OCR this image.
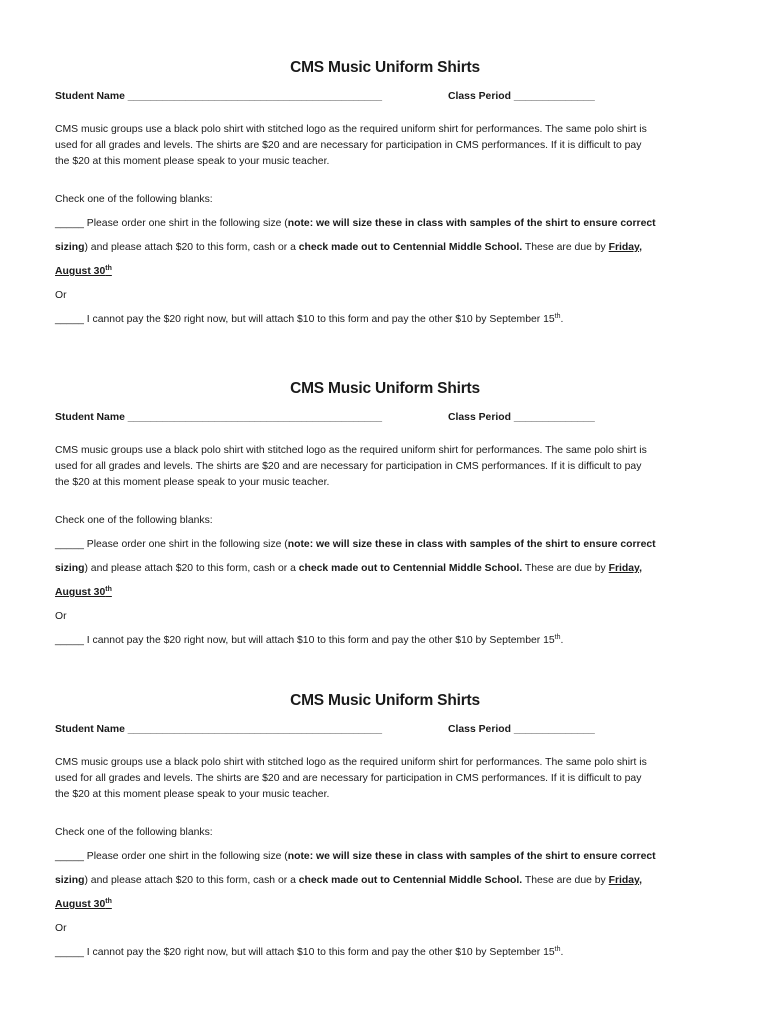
CMS Music Uniform Shirts
Student Name ____________________________________________	Class Period ______________
CMS music groups use a black polo shirt with stitched logo as the required uniform shirt for performances. The same polo shirt is
used for all grades and levels. The shirts are $20 and are necessary for participation in CMS performances. If it is difficult to pay
the $20 at this moment please speak to your music teacher.
Check one of the following blanks:
_____ Please order one shirt in the following size (note: we will size these in class with samples of the shirt to ensure correct
sizing) and please attach $20 to this form, cash or a check made out to Centennial Middle School. These are due by Friday,
August 30th
Or
_____ I cannot pay the $20 right now, but will attach $10 to this form and pay the other $10 by September 15th.
CMS Music Uniform Shirts
Student Name ____________________________________________	Class Period ______________
CMS music groups use a black polo shirt with stitched logo as the required uniform shirt for performances. The same polo shirt is
used for all grades and levels. The shirts are $20 and are necessary for participation in CMS performances. If it is difficult to pay
the $20 at this moment please speak to your music teacher.
Check one of the following blanks:
_____ Please order one shirt in the following size (note: we will size these in class with samples of the shirt to ensure correct
sizing) and please attach $20 to this form, cash or a check made out to Centennial Middle School. These are due by Friday,
August 30th
Or
_____ I cannot pay the $20 right now, but will attach $10 to this form and pay the other $10 by September 15th.
CMS Music Uniform Shirts
Student Name ____________________________________________	Class Period ______________
CMS music groups use a black polo shirt with stitched logo as the required uniform shirt for performances. The same polo shirt is
used for all grades and levels. The shirts are $20 and are necessary for participation in CMS performances. If it is difficult to pay
the $20 at this moment please speak to your music teacher.
Check one of the following blanks:
_____ Please order one shirt in the following size (note: we will size these in class with samples of the shirt to ensure correct
sizing) and please attach $20 to this form, cash or a check made out to Centennial Middle School. These are due by Friday,
August 30th
Or
_____ I cannot pay the $20 right now, but will attach $10 to this form and pay the other $10 by September 15th.
